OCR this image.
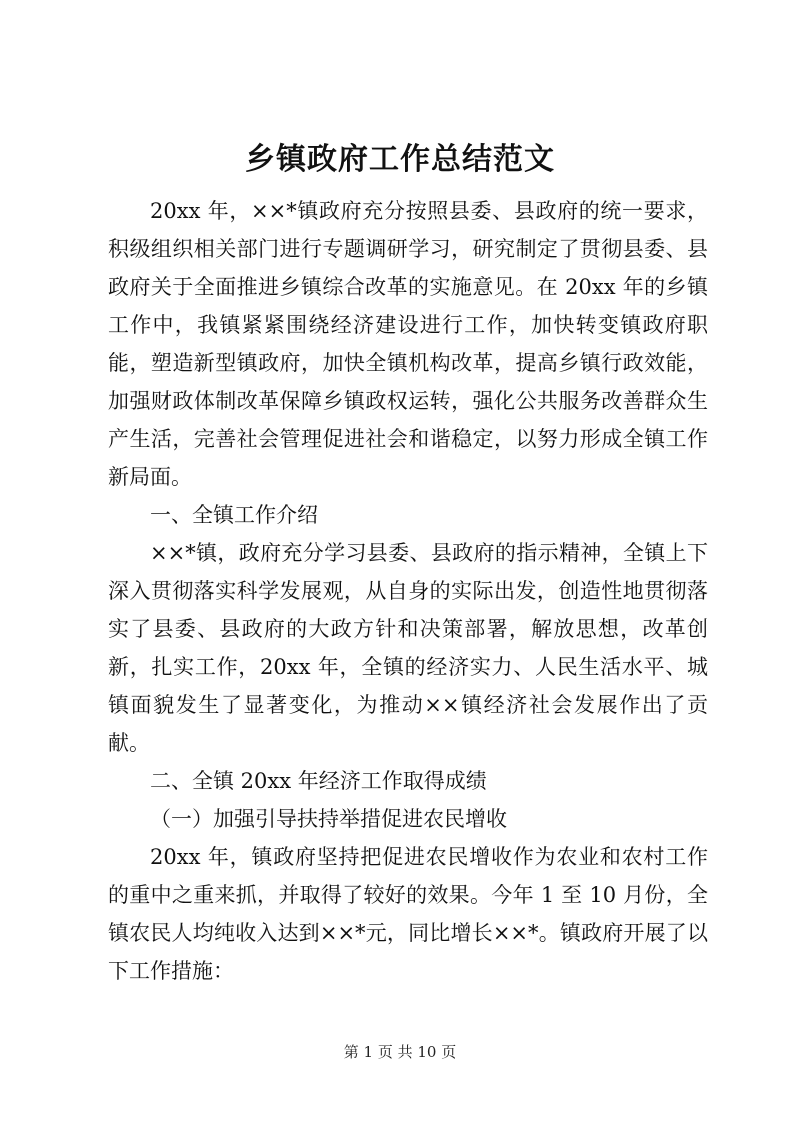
乡镇政府工作总结范文

20xx 年，××*镇政府充分按照县委、县政府的统一要求，积级组织相关部门进行专题调研学习，研究制定了贯彻县委、县政府关于全面推进乡镇综合改革的实施意见。在 20xx 年的乡镇工作中，我镇紧紧围绕经济建设进行工作，加快转变镇政府职能，塑造新型镇政府，加快全镇机构改革，提高乡镇行政效能，加强财政体制改革保障乡镇政权运转，强化公共服务改善群众生产生活，完善社会管理促进社会和谐稳定，以努力形成全镇工作新局面。

一、全镇工作介绍

××*镇，政府充分学习县委、县政府的指示精神，全镇上下深入贯彻落实科学发展观，从自身的实际出发，创造性地贯彻落实了县委、县政府的大政方针和决策部署，解放思想，改革创新，扎实工作，20xx 年，全镇的经济实力、人民生活水平、城镇面貌发生了显著变化，为推动××镇经济社会发展作出了贡献。

二、全镇 20xx 年经济工作取得成绩

（一）加强引导扶持举措促进农民增收

20xx 年，镇政府坚持把促进农民增收作为农业和农村工作的重中之重来抓，并取得了较好的效果。今年 1 至 10 月份，全镇农民人均纯收入达到××*元，同比增长××*。镇政府开展了以下工作措施：

第 1 页 共 10 页
